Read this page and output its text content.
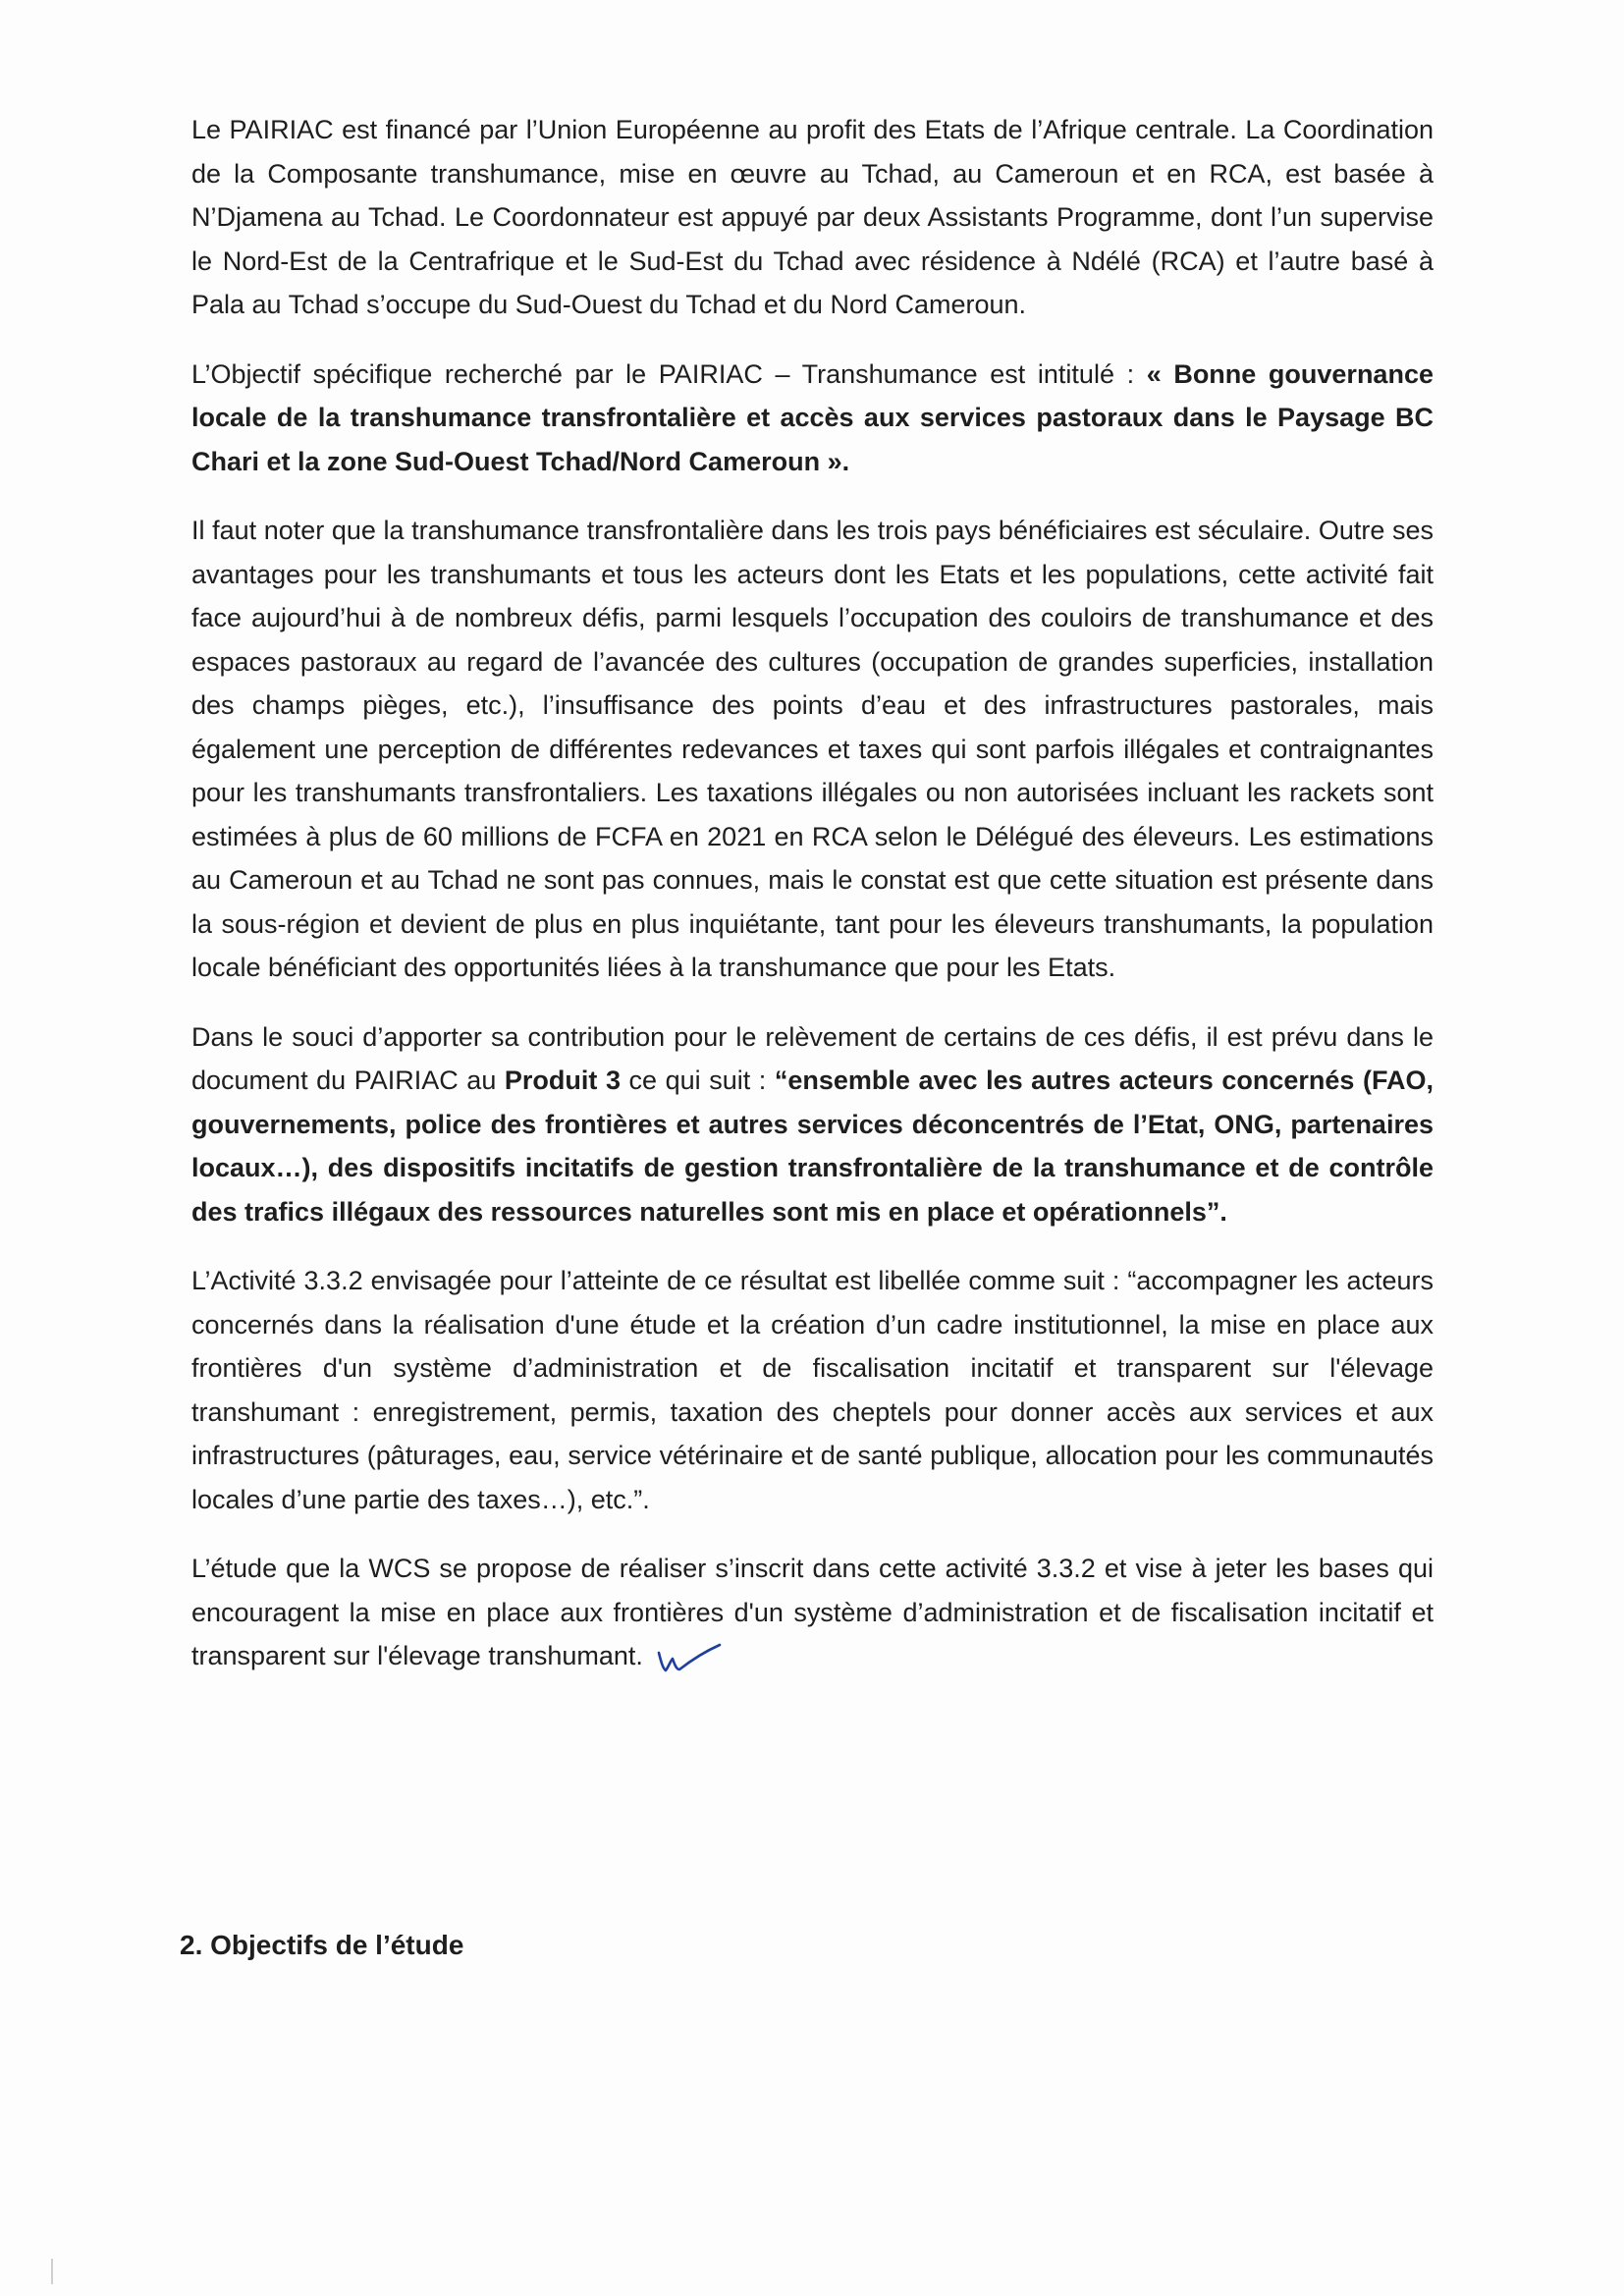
Le PAIRIAC est financé par l’Union Européenne au profit des Etats de l’Afrique centrale. La Coordination de la Composante transhumance, mise en œuvre au Tchad, au Cameroun et en RCA, est basée à N’Djamena au Tchad. Le Coordonnateur est appuyé par deux Assistants Programme, dont l’un supervise le Nord-Est de la Centrafrique et le Sud-Est du Tchad avec résidence à Ndélé (RCA) et l’autre basé à Pala au Tchad s’occupe du Sud-Ouest du Tchad et du Nord Cameroun.

L’Objectif spécifique recherché par le PAIRIAC – Transhumance est intitulé : « Bonne gouvernance locale de la transhumance transfrontalière et accès aux services pastoraux dans le Paysage BC Chari et la zone Sud-Ouest Tchad/Nord Cameroun ».

Il faut noter que la transhumance transfrontalière dans les trois pays bénéficiaires est séculaire. Outre ses avantages pour les transhumants et tous les acteurs dont les Etats et les populations, cette activité fait face aujourd’hui à de nombreux défis, parmi lesquels l’occupation des couloirs de transhumance et des espaces pastoraux au regard de l’avancée des cultures (occupation de grandes superficies, installation des champs pièges, etc.), l’insuffisance des points d’eau et des infrastructures pastorales, mais également une perception de différentes redevances et taxes qui sont parfois illégales et contraignantes pour les transhumants transfrontaliers. Les taxations illégales ou non autorisées incluant les rackets sont estimées à plus de 60 millions de FCFA en 2021 en RCA selon le Délégué des éleveurs. Les estimations au Cameroun et au Tchad ne sont pas connues, mais le constat est que cette situation est présente dans la sous-région et devient de plus en plus inquiétante, tant pour les éleveurs transhumants, la population locale bénéficiant des opportunités liées à la transhumance que pour les Etats.

Dans le souci d’apporter sa contribution pour le relèvement de certains de ces défis, il est prévu dans le document du PAIRIAC au Produit 3 ce qui suit : “ensemble avec les autres acteurs concernés (FAO, gouvernements, police des frontières et autres services déconcentrés de l’Etat, ONG, partenaires locaux…), des dispositifs incitatifs de gestion transfrontalière de la transhumance et de contrôle des trafics illégaux des ressources naturelles sont mis en place et opérationnels”.

L’Activité 3.3.2 envisagée pour l’atteinte de ce résultat est libellée comme suit : “accompagner les acteurs concernés dans la réalisation d'une étude et la création d’un cadre institutionnel, la mise en place aux frontières d'un système d’administration et de fiscalisation incitatif et transparent sur l'élevage transhumant : enregistrement, permis, taxation des cheptels pour donner accès aux services et aux infrastructures (pâturages, eau, service vétérinaire et de santé publique, allocation pour les communautés locales d’une partie des taxes…), etc.”.

L’étude que la WCS se propose de réaliser s’inscrit dans cette activité 3.3.2 et vise à jeter les bases qui encouragent la mise en place aux frontières d'un système d’administration et de fiscalisation incitatif et transparent sur l'élevage transhumant.

2. Objectifs de l’étude
